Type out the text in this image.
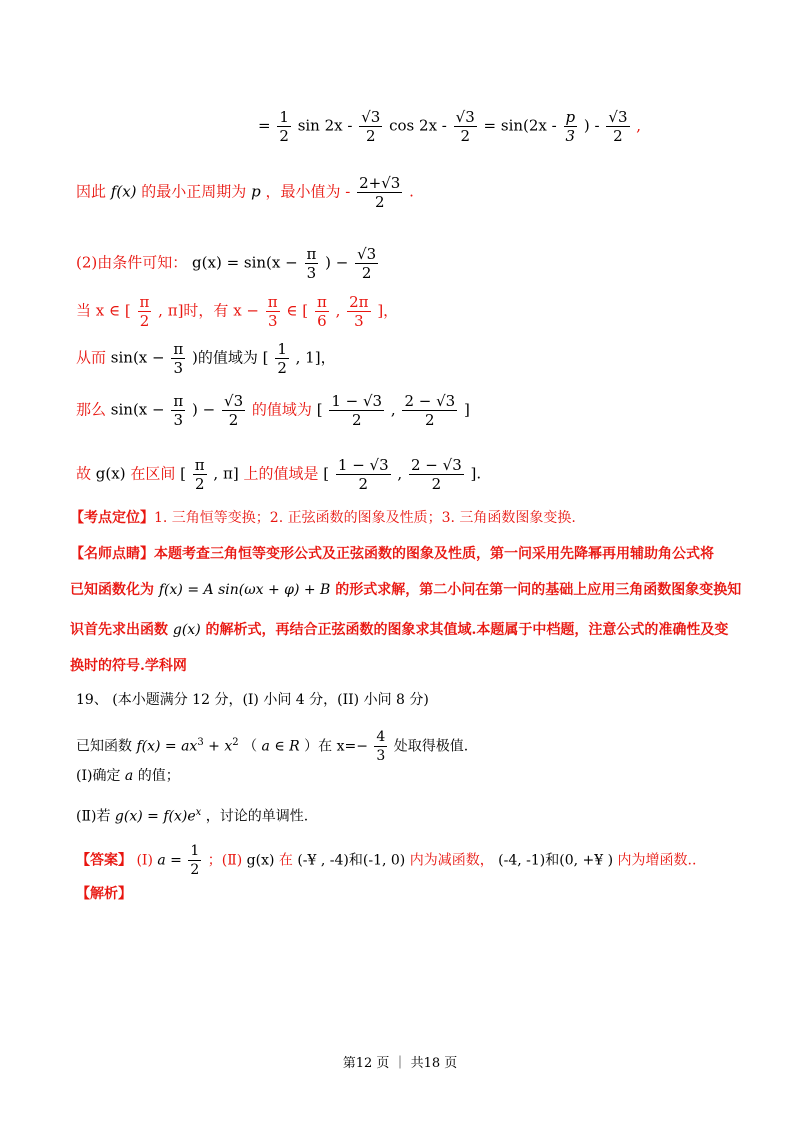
= $\frac{1}{2}$ $\sin 2x - \frac{√3}{2}$ $\cos 2x - \frac{√3}{2} = \sin(2x - \frac{p}{3}$ ) - $\frac{√3}{2}$ ,
因此 f(x) 的最小正周期为 p ，最小值为 - $\frac{2+√3}{2}$ .
(2)由条件可知： $g(x) = \sin(x - \frac{\pi}{3}$ ) − $\frac{√3}{2}$
当 x ∈ [ $\frac{\pi}{2}$ , π]时，有 $x - \frac{\pi}{3}$ ∈ [ $\frac{\pi}{6}$ , $\frac{2\pi}{3}$ ]，
从而 $\sin(x - \frac{\pi}{3}$ )的值域为 [ $\frac{1}{2}$ , 1]，
那么 $\sin(x - \frac{\pi}{3}$ ) − $\frac{√3}{2}$ 的值域为 [ $\frac{1 - √3}{2}$ , $\frac{2 - √3}{2}$ ]
故 g(x) 在区间 [ $\frac{\pi}{2}$ , π] 上的值域是 [ $\frac{1 - √3}{2}$ , $\frac{2 - √3}{2}$ ].
【考点定位】1. 三角恒等变换；2. 正弦函数的图象及性质；3. 三角函数图象变换.
【名师点睛】本题考查三角恒等变形公式及正弦函数的图象及性质，第一问采用先降幂再用辅助角公式将
已知函数化为 f(x) = A sin(ωx + φ) + B 的形式求解，第二小问在第一问的基础上应用三角函数图象变换知
识首先求出函数 g(x) 的解析式，再结合正弦函数的图象求其值域.本题属于中档题，注意公式的准确性及变
换时的符号.学科网
19、 (本小题满分 12 分，(I) 小问 4 分，(II) 小问 8 分)
已知函数 $f(x) = ax^3 + x^2$ （ a ∈ R ）在 $x=- \frac{4}{3}$ 处取得极值.
(Ⅰ)确定 a 的值；
(Ⅱ)若 $g(x) = f(x)e^x$ ，讨论的单调性.
【答案】 (Ⅰ) $a = \frac{1}{2}$ ；(Ⅱ) g(x) 在 (-¥ , -4)和(-1, 0) 内为减函数， (-4, -1)和(0, +¥ ) 内为增函数..
【解析】
第12 页 ｜ 共18 页
